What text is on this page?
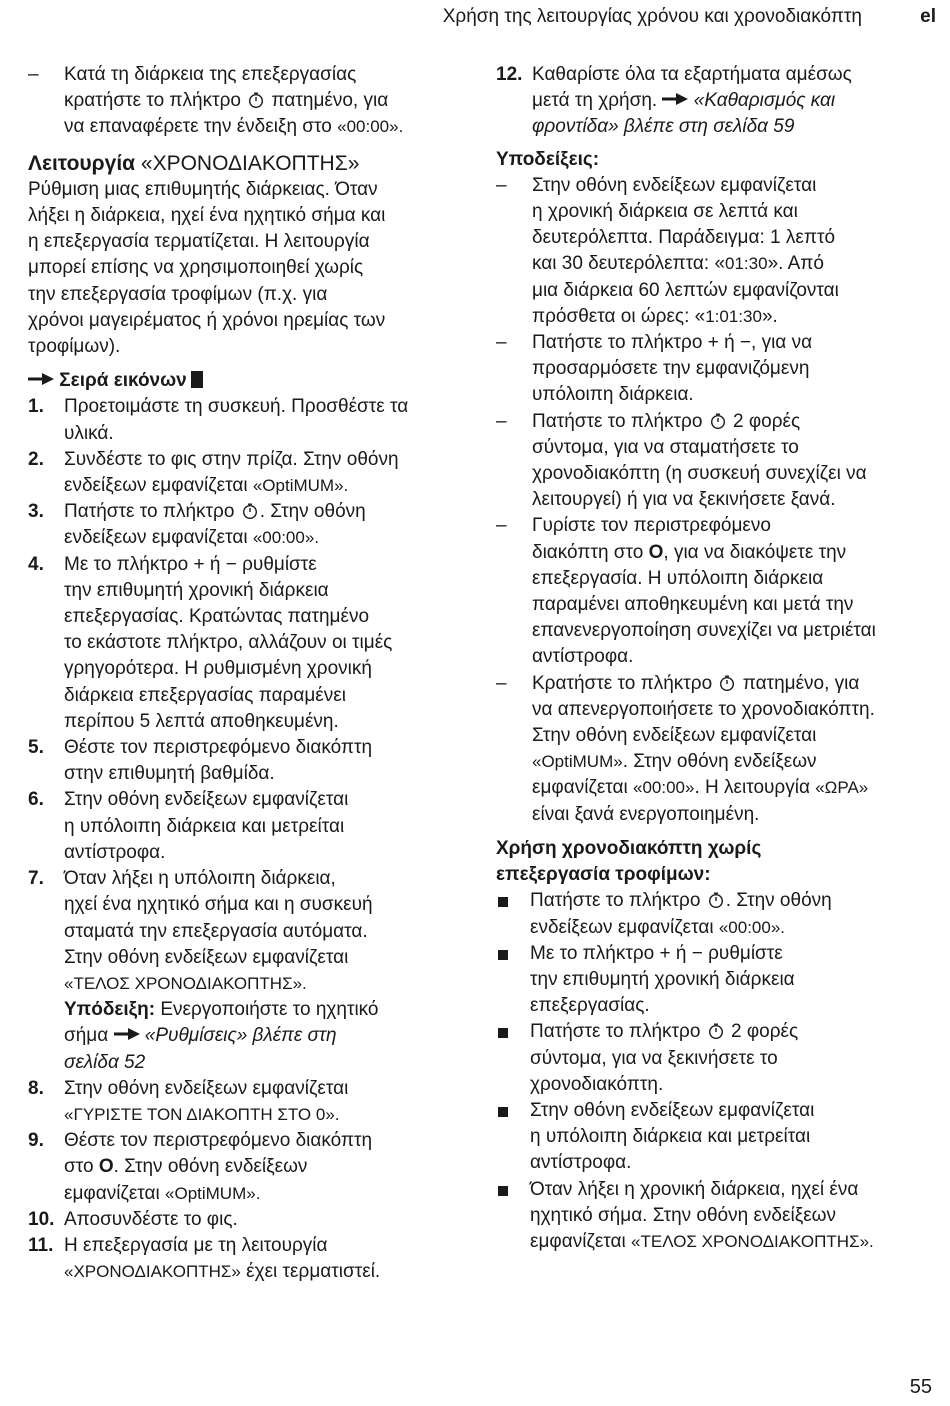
Χρήση της λειτουργίας χρόνου και χρονοδιακόπτη	el
– Κατά τη διάρκεια της επεξεργασίας
κρατήστε το πλήκτρο πατημένο, για
να επαναφέρετε την ένδειξη στο «00:00».
Λειτουργία «ΧΡΟΝΟΔΙΑΚΟΠΤΗΣ»
Ρύθμιση μιας επιθυμητής διάρκειας. Όταν
λήξει η διάρκεια, ηχεί ένα ηχητικό σήμα και
η επεξεργασία τερματίζεται. Η λειτουργία
μπορεί επίσης να χρησιμοποιηθεί χωρίς
την επεξεργασία τροφίμων (π.χ. για
χρόνοι μαγειρέματος ή χρόνοι ηρεμίας των
τροφίμων).
Σειρά εικόνων
1. Προετοιμάστε τη συσκευή. Προσθέστε τα
υλικά.
2. Συνδέστε το φις στην πρίζα. Στην οθόνη
ενδείξεων εμφανίζεται «OptiMUM».
3. Πατήστε το πλήκτρο . Στην οθόνη
ενδείξεων εμφανίζεται «00:00».
4. Με το πλήκτρο + ή − ρυθμίστε
την επιθυμητή χρονική διάρκεια
επεξεργασίας. Κρατώντας πατημένο
το εκάστοτε πλήκτρο, αλλάζουν οι τιμές
γρηγορότερα. Η ρυθμισμένη χρονική
διάρκεια επεξεργασίας παραμένει
περίπου 5 λεπτά αποθηκευμένη.
5. Θέστε τον περιστρεφόμενο διακόπτη
στην επιθυμητή βαθμίδα.
6. Στην οθόνη ενδείξεων εμφανίζεται
η υπόλοιπη διάρκεια και μετρείται
αντίστροφα.
7. Όταν λήξει η υπόλοιπη διάρκεια,
ηχεί ένα ηχητικό σήμα και η συσκευή
σταματά την επεξεργασία αυτόματα.
Στην οθόνη ενδείξεων εμφανίζεται
«ΤΕΛΟΣ ΧΡΟΝΟΔΙΑΚΟΠΤΗΣ».
Υπόδειξη: Ενεργοποιήστε το ηχητικό
σήμα  «Ρυθμίσεις» βλέπε στη
σελίδα 52
8. Στην οθόνη ενδείξεων εμφανίζεται
«ΓΥΡΙΣΤΕ ΤΟΝ ΔΙΑΚΟΠΤΗ ΣΤΟ 0».
9. Θέστε τον περιστρεφόμενο διακόπτη
στο O. Στην οθόνη ενδείξεων
εμφανίζεται «OptiMUM».
10. Αποσυνδέστε το φις.
11. Η επεξεργασία με τη λειτουργία
«ΧΡΟΝΟΔΙΑΚΟΠΤΗΣ» έχει τερματιστεί.
12. Καθαρίστε όλα τα εξαρτήματα αμέσως
μετά τη χρήση.  «Καθαρισμός και
φροντίδα» βλέπε στη σελίδα 59
Υποδείξεις:
– Στην οθόνη ενδείξεων εμφανίζεται
η χρονική διάρκεια σε λεπτά και
δευτερόλεπτα. Παράδειγμα: 1 λεπτό
και 30 δευτερόλεπτα: «01:30». Από
μια διάρκεια 60 λεπτών εμφανίζονται
πρόσθετα οι ώρες: «1:01:30».
– Πατήστε το πλήκτρο + ή −, για να
προσαρμόσετε την εμφανιζόμενη
υπόλοιπη διάρκεια.
– Πατήστε το πλήκτρο 2 φορές
σύντομα, για να σταματήσετε το
χρονοδιακόπτη (η συσκευή συνεχίζει να
λειτουργεί) ή για να ξεκινήσετε ξανά.
– Γυρίστε τον περιστρεφόμενο
διακόπτη στο O, για να διακόψετε την
επεξεργασία. Η υπόλοιπη διάρκεια
παραμένει αποθηκευμένη και μετά την
επανενεργοποίηση συνεχίζει να μετριέται
αντίστροφα.
– Κρατήστε το πλήκτρο πατημένο, για
να απενεργοποιήσετε το χρονοδιακόπτη.
Στην οθόνη ενδείξεων εμφανίζεται
«OptiMUM». Στην οθόνη ενδείξεων
εμφανίζεται «00:00». Η λειτουργία «ΩΡΑ»
είναι ξανά ενεργοποιημένη.
Χρήση χρονοδιακόπτη χωρίς
επεξεργασία τροφίμων:
Πατήστε το πλήκτρο . Στην οθόνη
ενδείξεων εμφανίζεται «00:00».
Με το πλήκτρο + ή − ρυθμίστε
την επιθυμητή χρονική διάρκεια
επεξεργασίας.
Πατήστε το πλήκτρο 2 φορές
σύντομα, για να ξεκινήσετε το
χρονοδιακόπτη.
Στην οθόνη ενδείξεων εμφανίζεται
η υπόλοιπη διάρκεια και μετρείται
αντίστροφα.
Όταν λήξει η χρονική διάρκεια, ηχεί ένα
ηχητικό σήμα. Στην οθόνη ενδείξεων
εμφανίζεται «ΤΕΛΟΣ ΧΡΟΝΟΔΙΑΚΟΠΤΗΣ».
55
